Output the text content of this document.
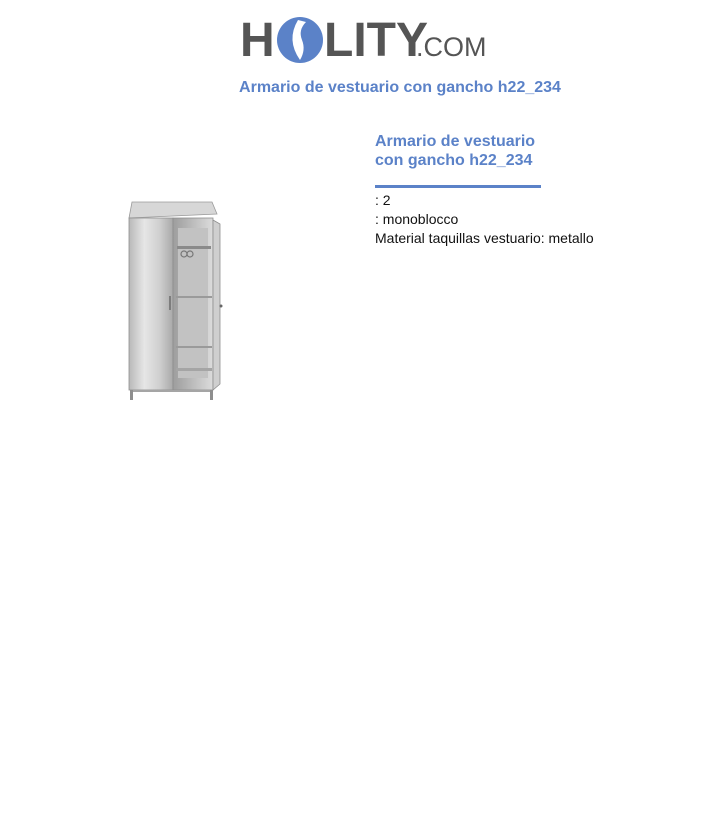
H LITY
.COM
Armario de vestuario con gancho h22_234
Armario de vestuario con gancho h22_234
: 2
: monoblocco
Material taquillas vestuario: metallo
